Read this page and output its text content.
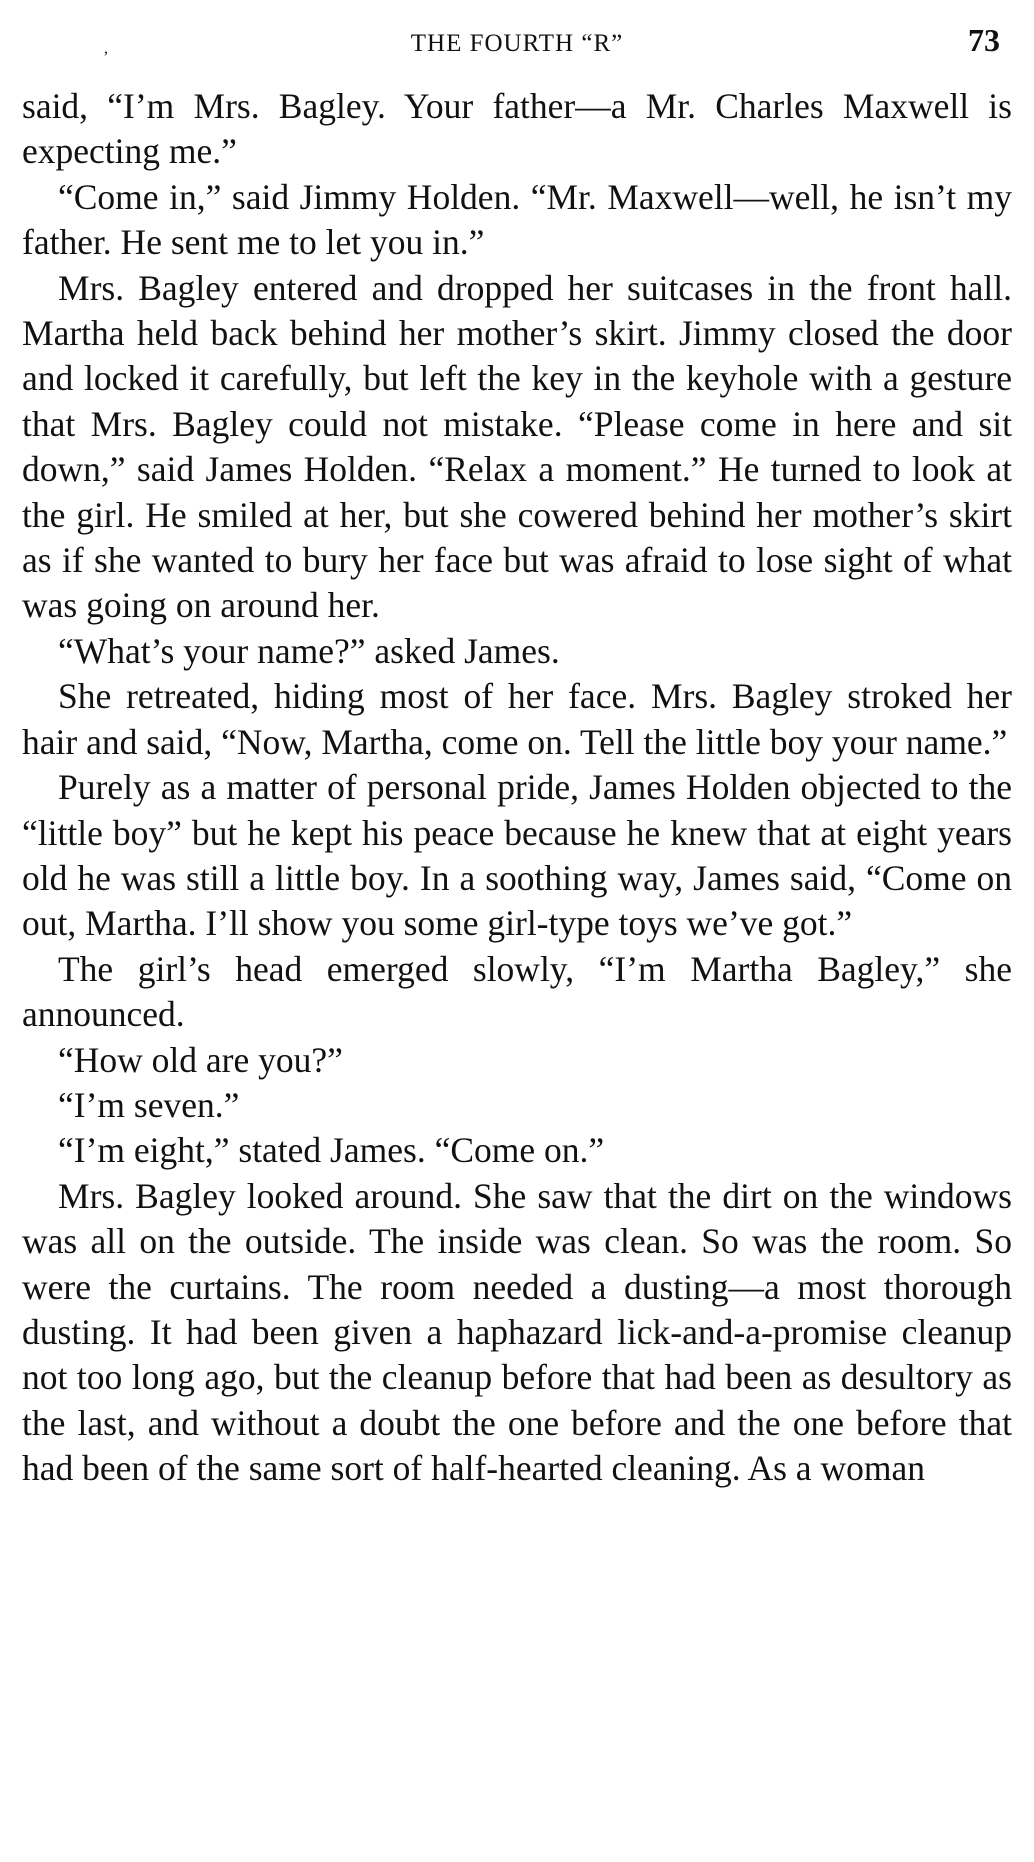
,	THE FOURTH “R”	73

said, “I’m Mrs. Bagley. Your father—a Mr. Charles Maxwell is expecting me.”

“Come in,” said Jimmy Holden. “Mr. Maxwell—well, he isn’t my father. He sent me to let you in.”

Mrs. Bagley entered and dropped her suitcases in the front hall. Martha held back behind her mother’s skirt. Jimmy closed the door and locked it carefully, but left the key in the keyhole with a gesture that Mrs. Bagley could not mistake. “Please come in here and sit down,” said James Holden. “Relax a moment.” He turned to look at the girl. He smiled at her, but she cowered behind her mother’s skirt as if she wanted to bury her face but was afraid to lose sight of what was going on around her.

“What’s your name?” asked James.

She retreated, hiding most of her face. Mrs. Bagley stroked her hair and said, “Now, Martha, come on. Tell the little boy your name.”

Purely as a matter of personal pride, James Holden objected to the “little boy” but he kept his peace because he knew that at eight years old he was still a little boy. In a soothing way, James said, “Come on out, Martha. I’ll show you some girl-type toys we’ve got.”

The girl’s head emerged slowly, “I’m Martha Bagley,” she announced.

“How old are you?”

“I’m seven.”

“I’m eight,” stated James. “Come on.”

Mrs. Bagley looked around. She saw that the dirt on the windows was all on the outside. The inside was clean. So was the room. So were the curtains. The room needed a dusting—a most thorough dusting. It had been given a haphazard lick-and-a-promise cleanup not too long ago, but the cleanup before that had been as desultory as the last, and without a doubt the one before and the one before that had been of the same sort of half-hearted cleaning. As a woman
